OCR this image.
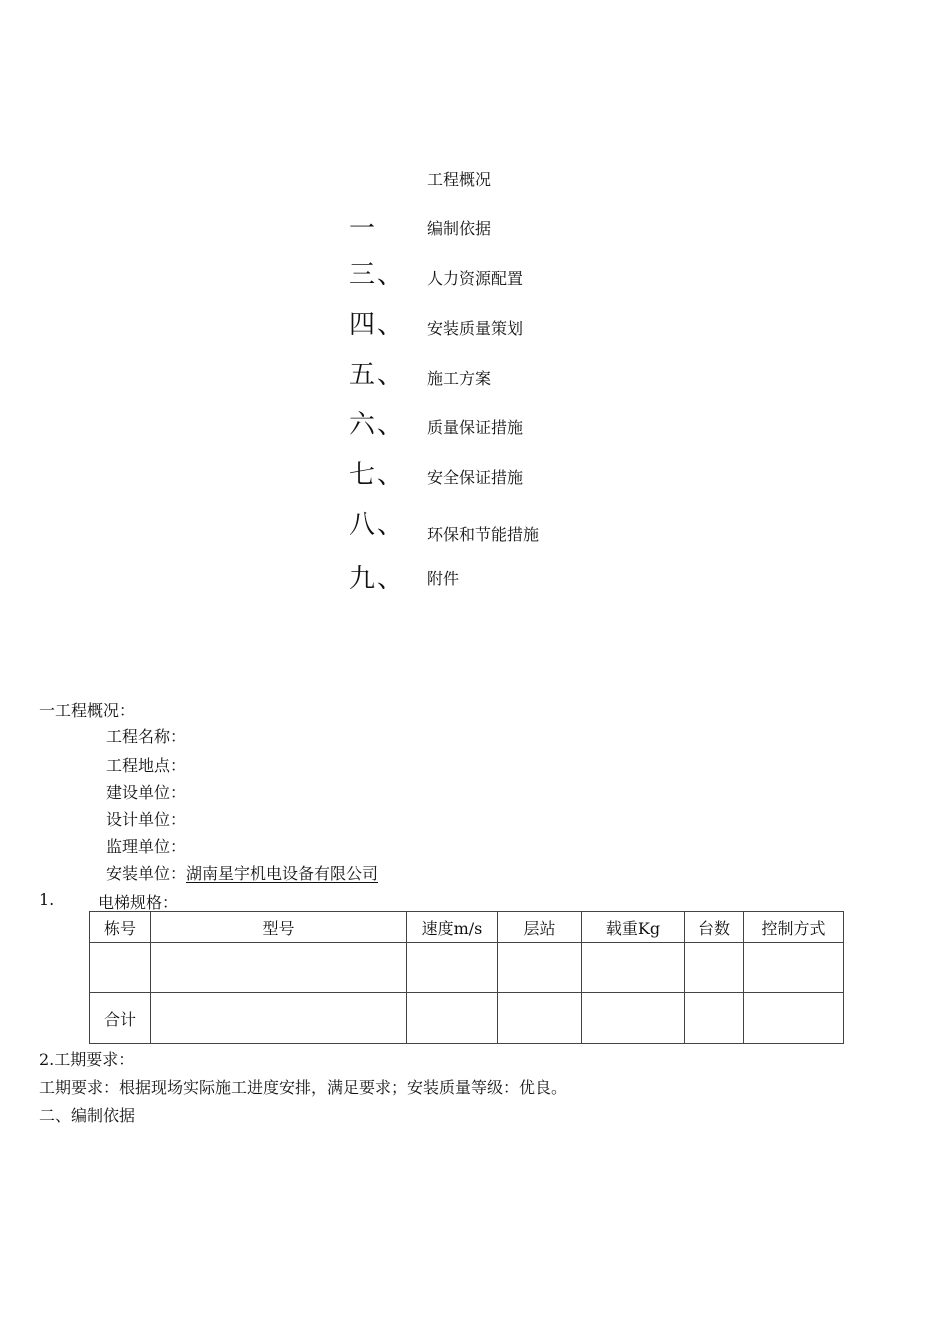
工程概况
一	编制依据
三、 人力资源配置
四、 安装质量策划
五、 施工方案
六、 质量保证措施
七、 安全保证措施
八、 环保和节能措施
九、 附件
一工程概况：
工程名称：
工程地点：
建设单位：
设计单位：
监理单位：
安装单位：湖南星宇机电设备有限公司
1.	电梯规格：
栋号	型号	速度m/s	层站	载重Kg	台数	控制方式

合计						
2.工期要求：
工期要求：根据现场实际施工进度安排，满足要求；安装质量等级：优良。
二、编制依据
